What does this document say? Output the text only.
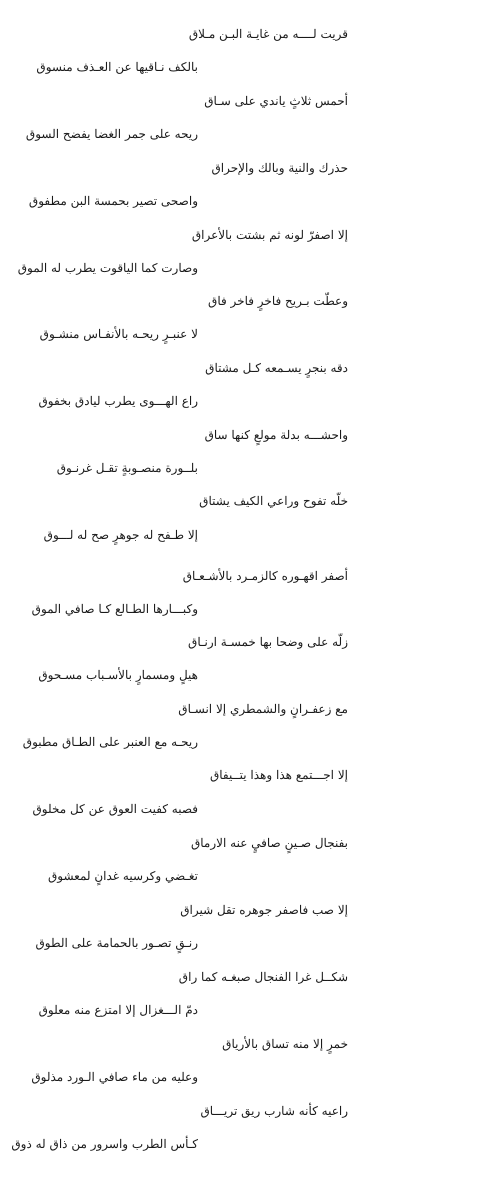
قريت لــــه من غايـة البـن مـلاق
بالكف نـاقيها عن العـذف منسوق
أحمس ثلاثٍ ياندي على سـاق
ريحه على جمر الغضا يفضح السوق
حذرك والنية وبالك والإحراق
واصحى تصير بحمسة البن مطفوق
إلا اصفرّ لونه ثم بشتت بالأعراق
وصارت كما الياقوت يطرب له الموق
وعطّت بـريح فاخرٍ فاخر فاق
لا عنبـرٍ ريحـه بالأنفـاس منشـوق
دقه بنجرٍ يسـمعه كـل مشتاق
راع الهـــوى يطرب ليادق بخفوق
واحشـــه بدلة مولعٍ كنها ساق
بلــورة منصـوبةٍ تقـل غرنـوق
خلّه تفوح وراعي الكيف يشتاق
إلا طـفح له جوهرٍ صح له لـــوق
أصفر اقهـوره كالزمـرد بالأشـعـاق
وكبـــارها الطـالع كـا صافي الموق
زلّه على وضحا بها خمسـة ارنـاق
هيلٍ ومسمارٍ بالأسـباب مسـحوق
مع زعفـرانٍ والشمطري إلا انسـاق
ريحـه مع العنبر على الطـاق مطبوق
إلا اجـــتمع هذا وهذا يتــيفاق
فصبه كفيت العوق عن كل مخلوق
بفنجال صـينٍ صافيٍ عنه الارماق
تغـضي وكرسيه غدانٍ لمعشوق
إلا صب فاصفر جوهره تقل شيراق
رنـقٍ تصـور بالحمامة على الطوق
شكــل غرا الفنجال صبغـه كما راق
دمّ الـــغزال إلا امتزع منه معلوق
خمرٍ إلا منه تساق بالأرياق
وعليه من ماء صافي الـورد مذلوق
راعيه كأنه شارب ريق تريـــاق
كـأس الطرب واسرور من ذاق له ذوق
